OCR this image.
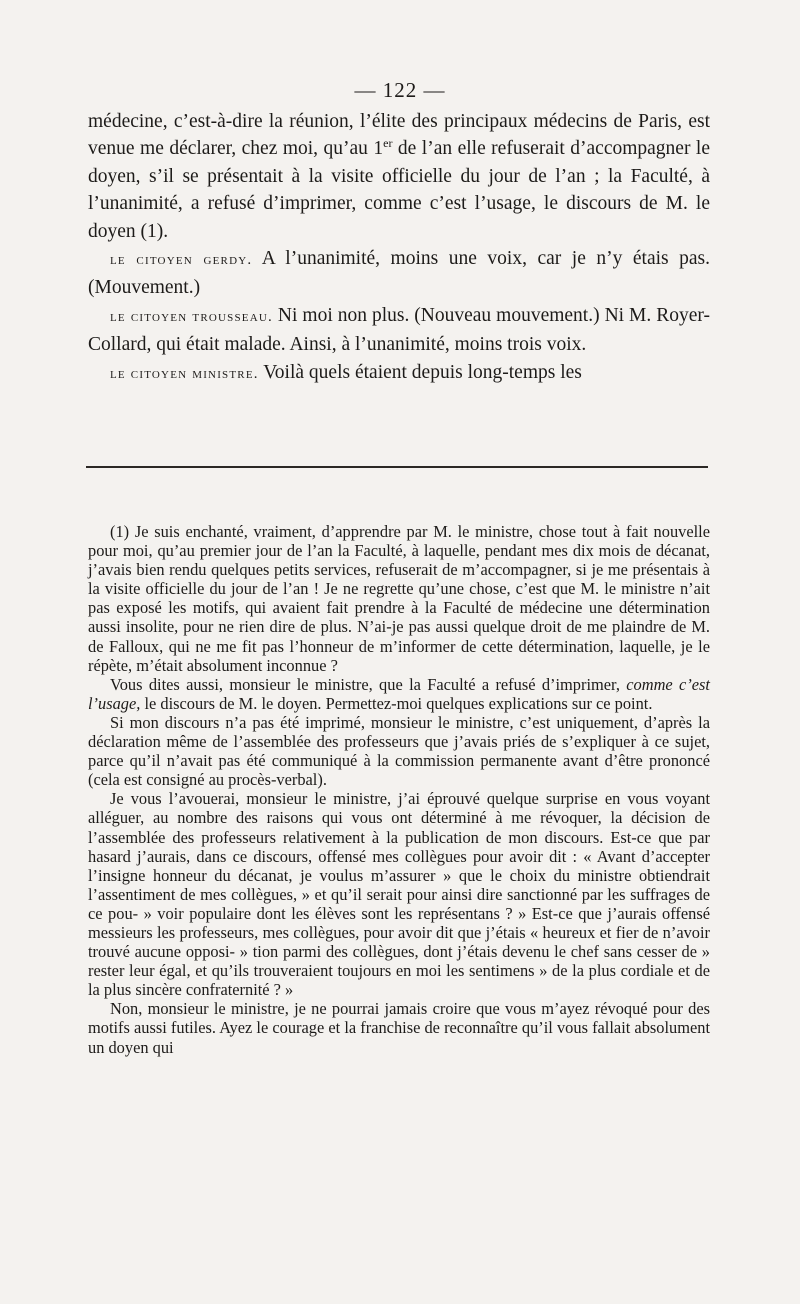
— 122 —

médecine, c’est-à-dire la réunion, l’élite des principaux médecins de Paris, est venue me déclarer, chez moi, qu’au 1er de l’an elle refuserait d’accompagner le doyen, s’il se présentait à la visite officielle du jour de l’an ; la Faculté, à l’unanimité, a refusé d’imprimer, comme c’est l’usage, le discours de M. le doyen (1).

le citoyen gerdy. A l’unanimité, moins une voix, car je n’y étais pas. (Mouvement.)

le citoyen trousseau. Ni moi non plus. (Nouveau mouvement.) Ni M. Royer-Collard, qui était malade. Ainsi, à l’unanimité, moins trois voix.

le citoyen ministre. Voilà quels étaient depuis long-temps les

(1) Je suis enchanté, vraiment, d’apprendre par M. le ministre, chose tout à fait nouvelle pour moi, qu’au premier jour de l’an la Faculté, à laquelle, pendant mes dix mois de décanat, j’avais bien rendu quelques petits services, refuserait de m’accompagner, si je me présentais à la visite officielle du jour de l’an ! Je ne regrette qu’une chose, c’est que M. le ministre n’ait pas exposé les motifs, qui avaient fait prendre à la Faculté de médecine une détermination aussi insolite, pour ne rien dire de plus. N’ai-je pas aussi quelque droit de me plaindre de M. de Falloux, qui ne me fit pas l’honneur de m’informer de cette détermination, laquelle, je le répète, m’était absolument inconnue ?

Vous dites aussi, monsieur le ministre, que la Faculté a refusé d’imprimer, comme c’est l’usage, le discours de M. le doyen. Permettez-moi quelques explications sur ce point.

Si mon discours n’a pas été imprimé, monsieur le ministre, c’est uniquement, d’après la déclaration même de l’assemblée des professeurs que j’avais priés de s’expliquer à ce sujet, parce qu’il n’avait pas été communiqué à la commission permanente avant d’être prononcé (cela est consigné au procès-verbal).

Je vous l’avouerai, monsieur le ministre, j’ai éprouvé quelque surprise en vous voyant alléguer, au nombre des raisons qui vous ont déterminé à me révoquer, la décision de l’assemblée des professeurs relativement à la publication de mon discours. Est-ce que par hasard j’aurais, dans ce discours, offensé mes collègues pour avoir dit : « Avant d’accepter l’insigne honneur du décanat, je voulus m’assurer » que le choix du ministre obtiendrait l’assentiment de mes collègues, » et qu’il serait pour ainsi dire sanctionné par les suffrages de ce pou- » voir populaire dont les élèves sont les représentans ? » Est-ce que j’aurais offensé messieurs les professeurs, mes collègues, pour avoir dit que j’étais « heureux et fier de n’avoir trouvé aucune opposi- » tion parmi des collègues, dont j’étais devenu le chef sans cesser de » rester leur égal, et qu’ils trouveraient toujours en moi les sentimens » de la plus cordiale et de la plus sincère confraternité ? »

Non, monsieur le ministre, je ne pourrai jamais croire que vous m’ayez révoqué pour des motifs aussi futiles. Ayez le courage et la franchise de reconnaître qu’il vous fallait absolument un doyen qui
